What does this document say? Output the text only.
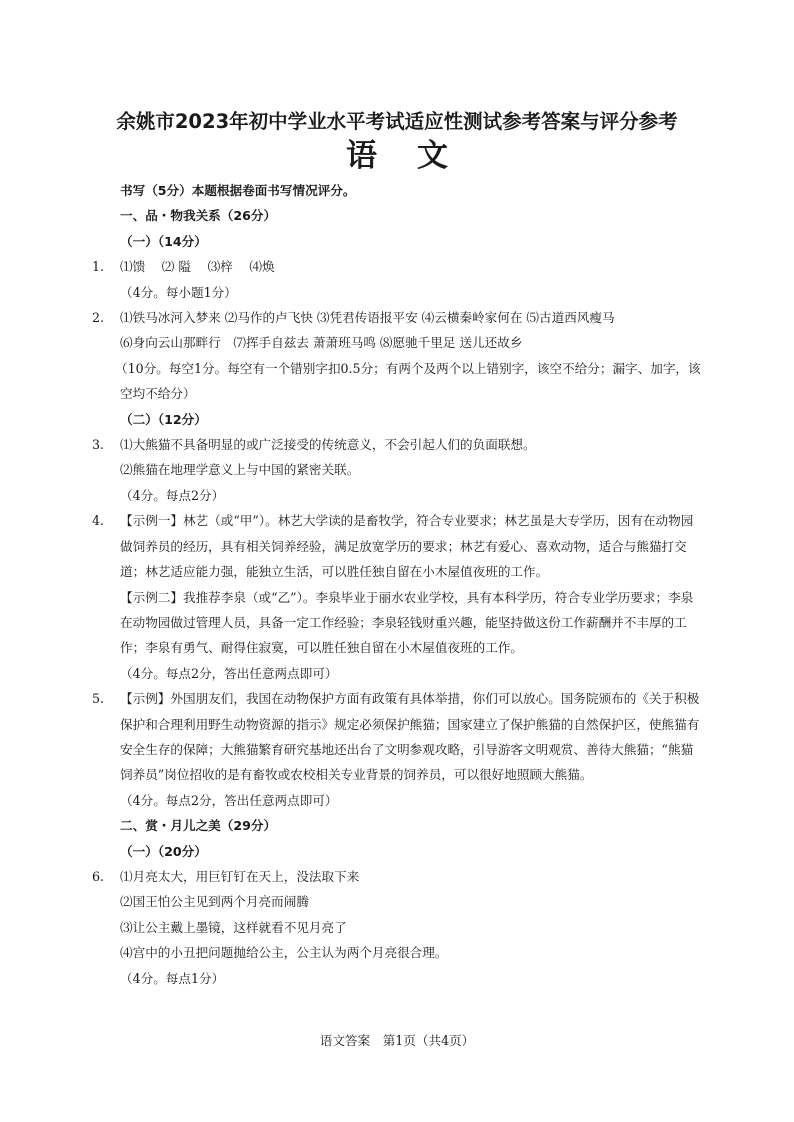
余姚市2023年初中学业水平考试适应性测试参考答案与评分参考
语 文
书写（5分）本题根据卷面书写情况评分。
一、品・物我关系（26分）
（一）（14分）
1. ⑴馈　 ⑵ 隘　 ⑶梓　 ⑷焕
（4分。每小题1分）
2. ⑴铁马冰河入梦来 ⑵马作的卢飞快 ⑶凭君传语报平安 ⑷云横秦岭家何在 ⑸古道西风瘦马
⑹身向云山那畔行　⑺挥手自兹去 萧萧班马鸣 ⑻愿驰千里足 送儿还故乡
（10分。每空1分。每空有一个错别字扣0.5分；有两个及两个以上错别字，该空不给分；漏字、加字，该空均不给分）
（二）（12分）
3. ⑴大熊猫不具备明显的或广泛接受的传统意义，不会引起人们的负面联想。
⑵熊猫在地理学意义上与中国的紧密关联。
（4分。每点2分）
4.	【示例一】林艺（或“甲”）。林艺大学读的是畜牧学，符合专业要求；林艺虽是大专学历，因有在动物园做饲养员的经历，具有相关饲养经验，满足放宽学历的要求；林艺有爱心、喜欢动物，适合与熊猫打交道；林艺适应能力强，能独立生活，可以胜任独自留在小木屋值夜班的工作。
【示例二】我推荐李泉（或“乙”）。李泉毕业于丽水农业学校，具有本科学历，符合专业学历要求；李泉在动物园做过管理人员，具备一定工作经验；李泉轻钱财重兴趣，能坚持做这份工作薪酬并不丰厚的工作；李泉有勇气、耐得住寂寞，可以胜任独自留在小木屋值夜班的工作。
（4分。每点2分，答出任意两点即可）
5.	【示例】外国朋友们，我国在动物保护方面有政策有具体举措，你们可以放心。国务院颁布的《关于积极保护和合理利用野生动物资源的指示》规定必须保护熊猫；国家建立了保护熊猫的自然保护区，使熊猫有安全生存的保障；大熊猫繁育研究基地还出台了文明参观攻略，引导游客文明观赏、善待大熊猫；“熊猫饲养员”岗位招收的是有畜牧或农校相关专业背景的饲养员，可以很好地照顾大熊猫。
（4分。每点2分，答出任意两点即可）
二、赏・月儿之美（29分）
（一）（20分）
6. ⑴月亮太大，用巨钉钉在天上，没法取下来
⑵国王怕公主见到两个月亮而闹腾
⑶让公主戴上墨镜，这样就看不见月亮了
⑷宫中的小丑把问题抛给公主，公主认为两个月亮很合理。
（4分。每点1分）
语文答案　第1页（共4页）
